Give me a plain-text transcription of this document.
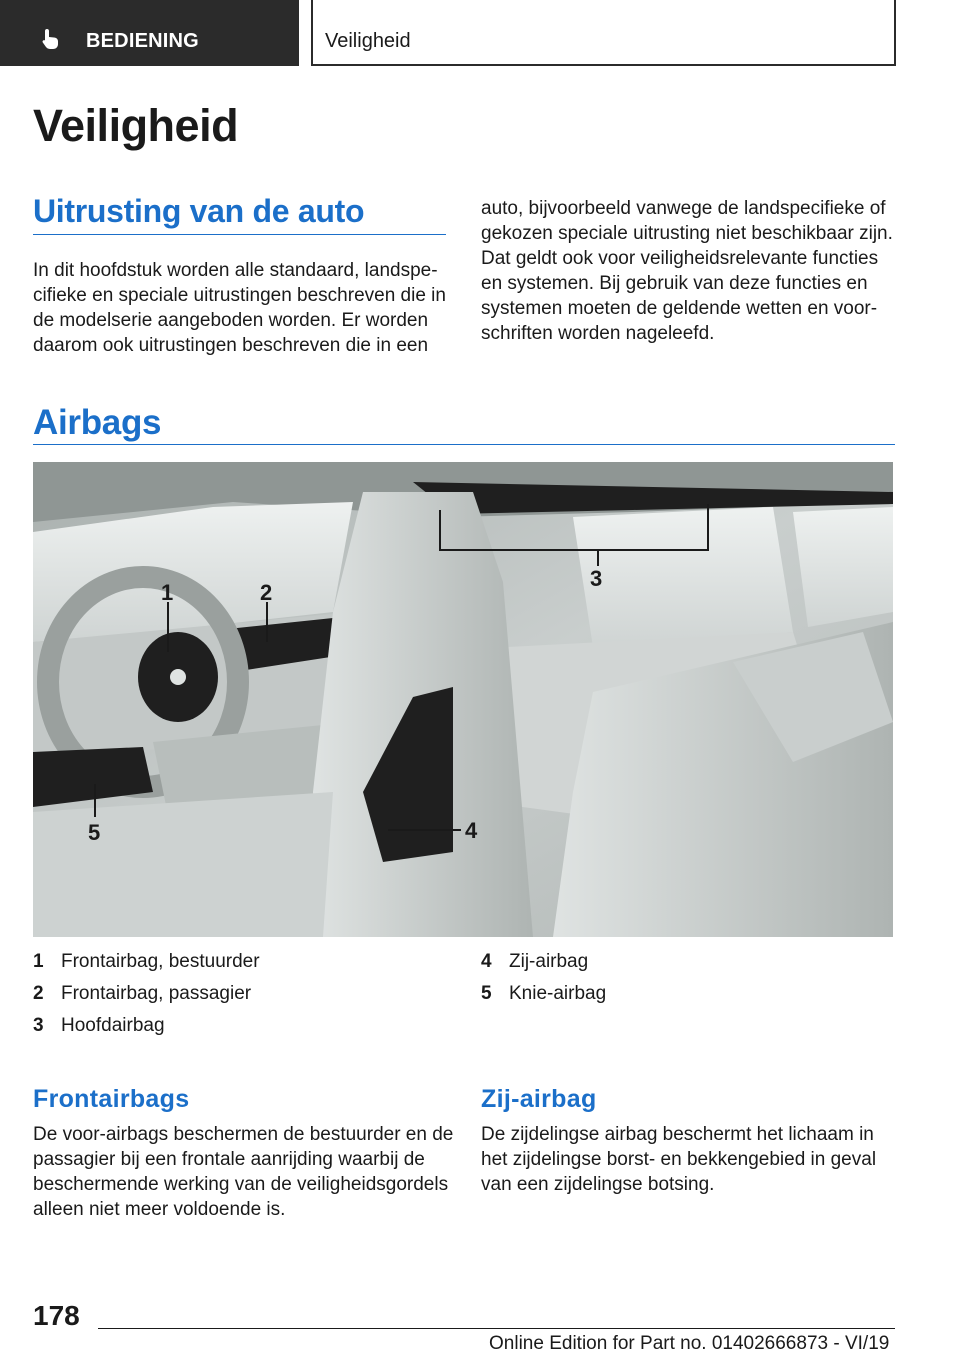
BEDIENING	Veiligheid
Veiligheid
Uitrusting van de auto

In dit hoofdstuk worden alle standaard, landspecifieke en speciale uitrustingen beschreven die in de modelserie aangeboden worden. Er worden daarom ook uitrustingen beschreven die in een

auto, bijvoorbeeld vanwege de landspecifieke of gekozen speciale uitrusting niet beschikbaar zijn. Dat geldt ook voor veiligheidsrelevante functies en systemen. Bij gebruik van deze functies en systemen moeten de geldende wetten en voorschriften worden nageleefd.

Airbags
1	2
3
4
5
1 Frontairbag, bestuurder
2 Frontairbag, passagier
3 Hoofdairbag
4 Zij-airbag
5 Knie-airbag
Frontairbags

De voor-airbags beschermen de bestuurder en de passagier bij een frontale aanrijding waarbij de beschermende werking van de veiligheidsgordels alleen niet meer voldoende is.

Zij-airbag

De zijdelingse airbag beschermt het lichaam in het zijdelingse borst- en bekkengebied in geval van een zijdelingse botsing.

178
Online Edition for Part no. 01402666873 - VI/19
